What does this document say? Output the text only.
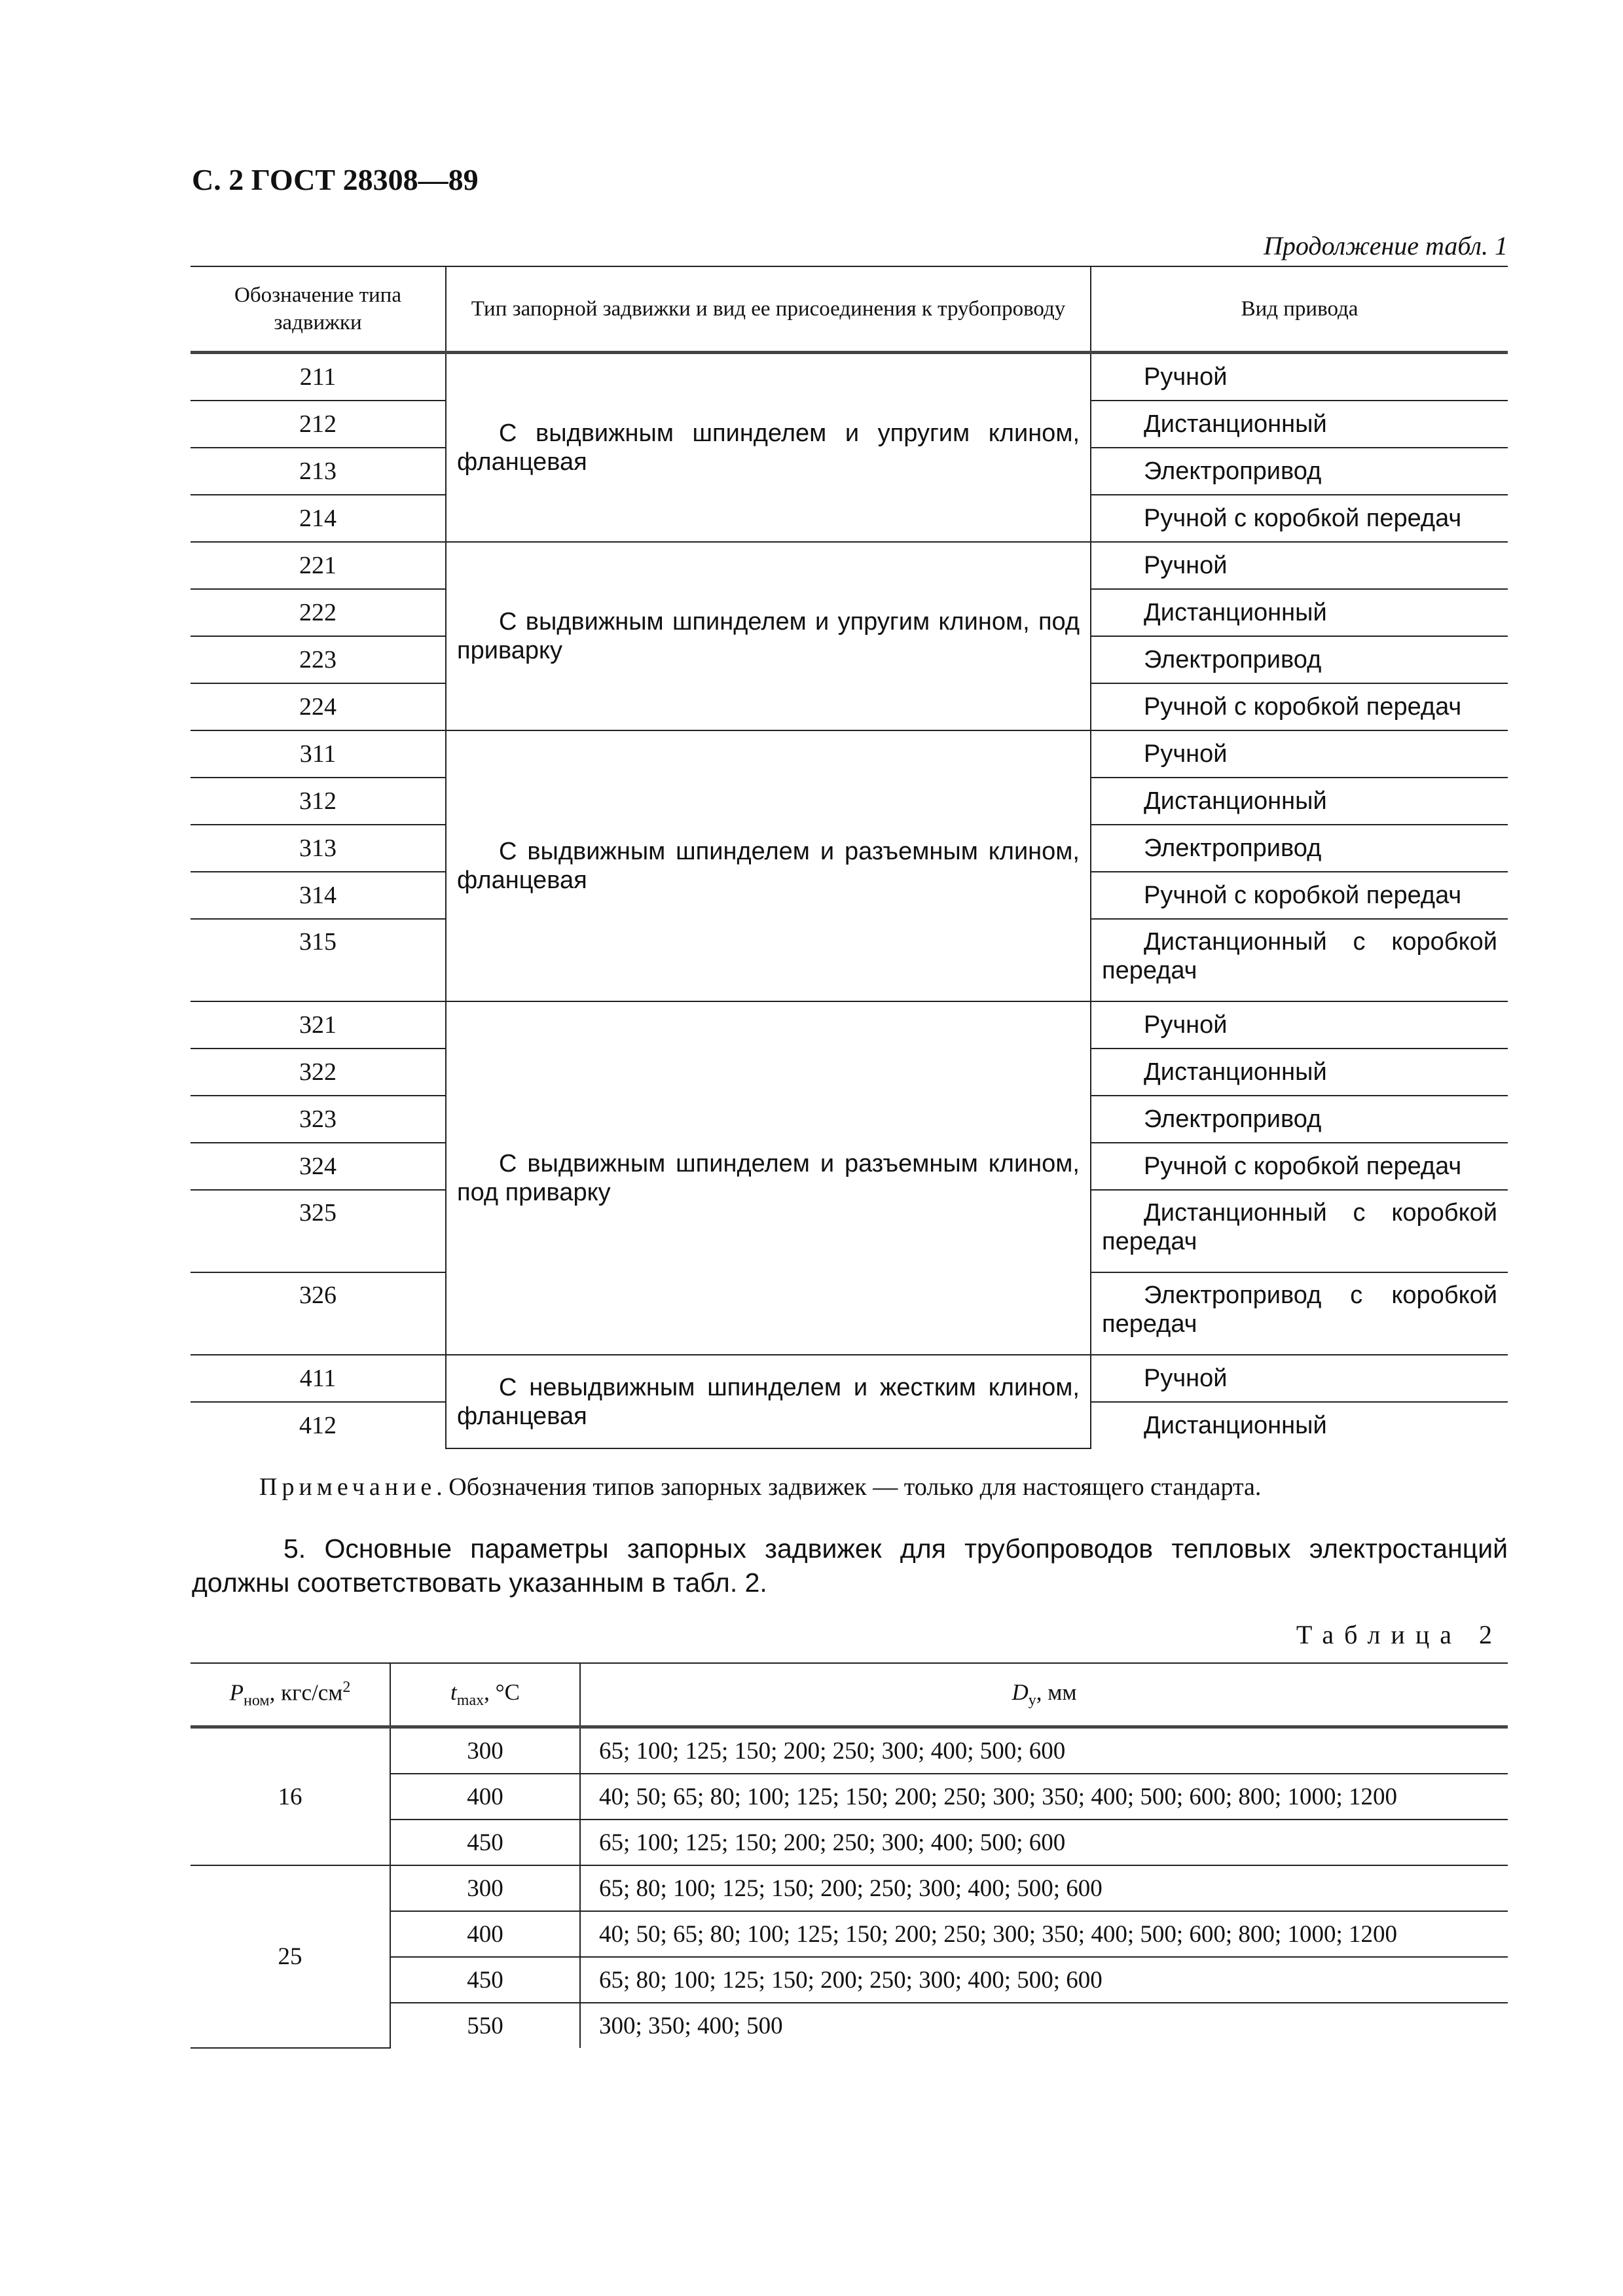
С. 2 ГОСТ 28308—89
Продолжение табл. 1
Обозначение типа задвижки	Тип запорной задвижки и вид ее присоединения к трубопроводу	Вид привода
211	С выдвижным шпинделем и упругим клином, фланцевая	Ручной
212		Дистанционный
213		Электропривод
214		Ручной с коробкой передач
221	С выдвижным шпинделем и упругим клином, под приварку	Ручной
222		Дистанционный
223		Электропривод
224		Ручной с коробкой передач
311	С выдвижным шпинделем и разъемным клином, фланцевая	Ручной
312		Дистанционный
313		Электропривод
314		Ручной с коробкой передач
315		Дистанционный с коробкой передач
321	С выдвижным шпинделем и разъемным клином, под приварку	Ручной
322		Дистанционный
323		Электропривод
324		Ручной с коробкой передач
325		Дистанционный с коробкой передач
326		Электропривод с коробкой передач
411	С невыдвижным шпинделем и жестким клином, фланцевая	Ручной
412		Дистанционный
Примечание. Обозначения типов запорных задвижек — только для настоящего стандарта.
5. Основные параметры запорных задвижек для трубопроводов тепловых электростанций должны соответствовать указанным в табл. 2.
Таблица 2
$P_{ном}$, кгс/$см^2$	$t_{max}$, °С	$D_y$, мм
16	300	65; 100; 125; 150; 200; 250; 300; 400; 500; 600
	400	40; 50; 65; 80; 100; 125; 150; 200; 250; 300; 350; 400; 500; 600; 800; 1000; 1200
	450	65; 100; 125; 150; 200; 250; 300; 400; 500; 600
25	300	65; 80; 100; 125; 150; 200; 250; 300; 400; 500; 600
	400	40; 50; 65; 80; 100; 125; 150; 200; 250; 300; 350; 400; 500; 600; 800; 1000; 1200
	450	65; 80; 100; 125; 150; 200; 250; 300; 400; 500; 600
	550	300; 350; 400; 500
